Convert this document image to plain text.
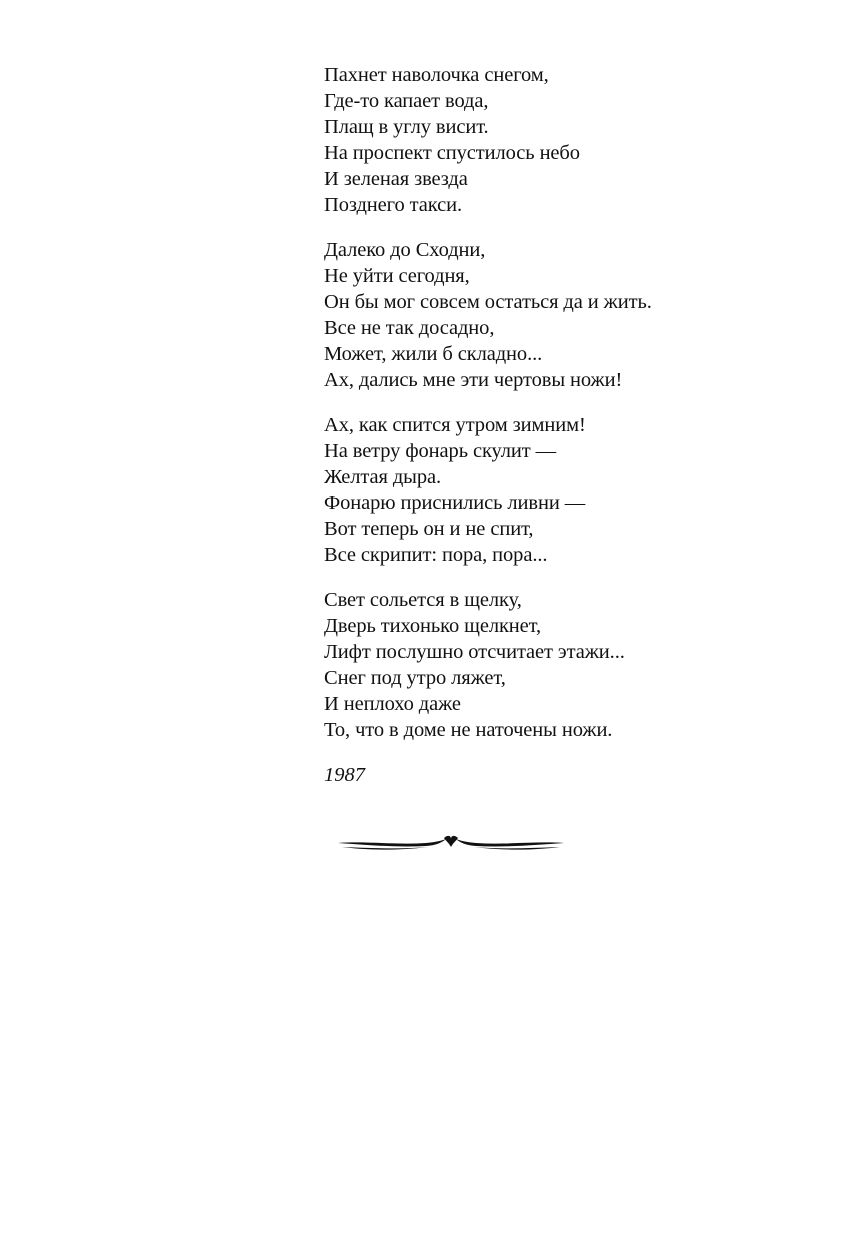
Пахнет наволочка снегом,
Где-то капает вода,
Плащ в углу висит.
На проспект спустилось небо
И зеленая звезда
Позднего такси.
Далеко до Сходни,
Не уйти сегодня,
Он бы мог совсем остаться да и жить.
Все не так досадно,
Может, жили б складно...
Ах, дались мне эти чертовы ножи!
Ах, как спится утром зимним!
На ветру фонарь скулит —
Желтая дыра.
Фонарю приснились ливни —
Вот теперь он и не спит,
Все скрипит: пора, пора...
Свет сольется в щелку,
Дверь тихонько щелкнет,
Лифт послушно отсчитает этажи...
Снег под утро ляжет,
И неплохо даже
То, что в доме не наточены ножи.
1987
